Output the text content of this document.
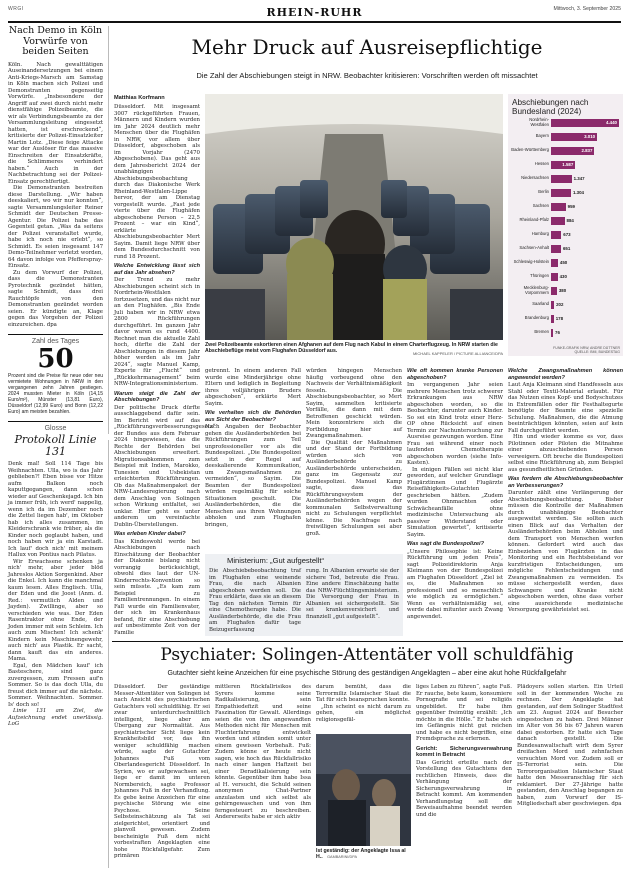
WRGI	RHEIN-RUHR	Mittwoch, 3. September 2025
Nach Demo in Köln Vorwürfe von beiden Seiten

Köln. Nach gewalttätigen Auseinandersetzungen bei einem Anti-Kriegs-Marsch am Samstag in Köln machen sich Polizei und Demonstranten gegenseitig Vorwürfe. „Insbesondere der Angriff auf zwei durch nicht mehr dienstfähige Polizeibeamte, die wir als Verbindungsbeamte zu der Versammlungsleitung eingesetzt hatten, ist erschreckend“, kritisierte der Polizei-Einsatzleiter Martin Lotz. „Diese feige Attacke war der Auslöser für das massive Einschreiten der Einsatzkräfte, die Schlimmeres verhindert haben.“ Auch in der Nachbetrachtung sei der Polizei-Einsatz gerechtfertigt.

Die Demonstranten bestreiten diese Darstellung. „Wir haben deeskaliert, wo wir nur konnten“, sagte Versammlungsleiter Reiner Schmidt der Deutschen Presse-Agentur. Die Polizei habe das Gegenteil getan. „Was da seitens der Polizei veranstaltet wurde, habe ich noch nie erlebt“, so Schmidt. Es seien insgesamt 147 Demo-Teilnehmer verletzt worden, 64 davon infolge von Pfefferspray-Einsatz.

Zu dem Vorwurf der Polizei, dass die Demonstranten Pyrotechnik gezündet hätten, sagte Schmidt, dass drei Rauchtöpfe von den Demonstranten gezündet worden seien. Er kündigte an, Klage gegen das Vorgehen der Polizei einzureichen. dpa

Zahl des Tages
50
Prozent sind die Preise für neue oder neu vermietete Wohnungen in NRW in den vergangenen zehn Jahren gestiegen. 2024 mussten Mieter in Köln (14,15 Euro/m²), Münster (13,81 Euro), Düsseldorf (12,99 Euro) und Bonn (12,22 Euro) am meisten bezahlen.
Glosse
Protokoll Linie 131

Denk mal! Soll 114 Tage bis Weihnachten. Ulla, wo is das Jahr geblieben?! Eben bisse vor Hitze aufm Balkon noch kaputtgegangen, dann schon wieder auf Geschenkejagd. Ich bin ja immer früh, ich werd' nappelig, wenn ich da im Dezember noch die Zettel liegen hab', im Oktober hab ich alles zusammen, im Kleiderschrank wie früher, als die Kinder noch geglaubt haben, und noch haben wir ja ein Karstadt. Ich lauf' doch nich' mit meinem Hallux von Pontius nach Pilatus.

Wir Erwachsene schenken ja nich' mehr, aber jeder blöd Jahreslos Aktion Sorgenkind. Aber die Enkel. Ich kann die manchmal kaum lesen. Alles Englisch. Ulla, der Eden und die Joost (Anm. d. Red.: vermutlich Alden und Jayden). Zwillinge, aber so verschieden wie was. Der Eden Rasentraktor ohne Ende, der Joden immer mit sein Schleim. Ich auch zum Mischen! Ich schenk' Kindern kein Maschinengewehr, auch nich' aus Plastik. Er sacht, dann kauft das ein anderes. Mama.

Egal, den Mädchen kauf' ich Basteschere, sind ganz zuvergessen, zum Fressen auf'n Sommer. So is das doch Ulla, du freust dich immer auf die nächste. Sommer. Weihnachten. Sommer. Is' doch so!

Linie 131 am Ziel, die Aufzeichnung endet unerlässig. LoG

Mehr Druck auf Ausreisepflichtige
Die Zahl der Abschiebungen steigt in NRW. Beobachter kritisieren: Vorschriften werden oft missachtet
Matthias Korfmann

Düsseldorf. Mit insgesamt 3007 rückgeführten Frauen, Männern und Kindern wurden im Jahr 2024 deutlich mehr Menschen über die Flughäfen in NRW, vor allem über Düsseldorf, abgeschoben als im Vorjahr (2470 Abgeschobene). Das geht aus dem Jahresbericht 2024 der unabhängigen Abschiebungsbeobachtung durch das Diakonische Werk Rheinland-Westfalen-Lippe hervor, der am Dienstag vorgestellt wurde. „Fast jede vierte über die Flughäfen abgeschobene Person – 22,5 Prozent – war ein Kind“, erklärte Abschiebungsbeobachter Mert Sayim. Damit liege NRW über dem Bundesdurchschnitt von rund 18 Prozent.

Welche Entwicklung lässt sich auf das Jahr absehen?

Der Trend zu mehr Abschiebungen scheint sich in Nordrhein-Westfalen fortzusetzen, und das nicht nur an den Flughäfen. „Bis Ende Juli haben wir in NRW etwa 2800 Rückführungen durchgeführt. Im ganzen Jahr davor waren es rund 4400. Rechnet man die aktuelle Zahl hoch, dürfte die Zahl der Abschiebungen in diesem Jahr höher werden als im Jahr 2024“, sagte Manuel Kamp, Experte für „Flucht“ und „Rückkehrmanagement“ beim NRW-Integrationsministerium.

Warum steigt die Zahl der Abschiebungen?

Der politische Druck dürfte ausschlaggebend dafür sein. Im Bericht wird auf das „Rückführungsverbesserungsgesetz“ der Bundes aus dem Februar 2024 hingewiesen, das die Rechte der Behörden bei Abschiebungen erweitert. Migrationsabkommen zum Beispiel mit Indien, Marokko, Tunesien und Usbekistan erleichterten Rückführungen. Ob das Maßnahmenpaket der NRW-Landesregierung nach dem Anschlag von Solingen schon Wirkung entfaltet, sei unklar. Hier geht es unter anderem um vereinfachte Dublin-Überstellungen.

Was erleben Kinder dabei?

Das Kindeswohl werde bei Abschiebungen nach Einschätzung der Beobachter der Diakonie bislang nicht vorrangig berücksichtigt, obwohl dies laut der UN-Kinderrechts-Konvention so sein müsste. „Es kam zum Beispiel zu Familientrennungen. In einem Fall wurde ein Familienvater, der sich im Krankenhaus befand, für eine Abschiebung auf unbestimmte Zeit von der Familie

Zwei Polizeibeamte eskortieren einen Afghanen auf dem Flug nach Kabul in einem Charterflugzeug. In NRW starten die Abschiebeflüge meist vom Flughafen Düsseldorf aus.	MICHAEL KAPPELER / PICTURE ALLIANCE/DPA
Abschiebungen nach Bundesland (2024)
Nordrhein-Westfalen	4.440
Bayern	3.010
Baden-Württemberg	2.837
Hessen	1.587
Niedersachsen	1.347
Berlin	1.304
Sachsen	959
Rheinland-Pfalz	884
Hamburg	673
Sachsen-Anhalt	651
Schleswig-Holstein	450
Thüringen	430
Mecklenburg-Vorpommern	380
Saarland	202
Brandenburg	178
Bremen	76
FUNKE-GRAFIK NRW, ANDRE DÜTTNER QUELLE: BMI, BUNDESTAG

getrennt. In einem anderen Fall wurde eine Minderjährige ohne Eltern und lediglich in Begleitung ihres volljährigen Bruders abgeschoben“, erklärte Mert Sayim.

Wie verhalten sich die Behörden aus Sicht der Beobachter?

Nach Angaben der Beobachter gehen die Ausländerbehörden bei Rückführungen zum Teil unprofessioneller vor als die Bundespolizei. „Die Bundespolizei setzt in der Regel auf deeskalierende Kommunikation, um Zwangsmaßnahmen zu vermeiden“, so Sayim. Die Beamten der Bundespolizei würden regelmäßig für solche Situationen geschult. Die Ausländerbehörden, die die Menschen aus ihren Wohnungen abholen und zum Flughafen bringen,

würden hingegen Menschen häufig vorbeugend ohne den Nachweis der Verhältnismäßigkeit fesseln. Die Abschiebungsbeobachter, so Mert Sayim, sammelten kritisierte Vorfälle, die dann mit dem Betroffenen geschickt würden. Mein konzentriere sich die Fortbildung hier auf Zwangsmaßnahmen.

Die Qualität der Maßnahmen und der Stand der Fortbildung würden sich von Ausländerbehörde zu Ausländerbehörde unterscheiden, ganz im Gegensatz zur Bundespolizei. Manuel Kamp sagte, dass das Rückführungssystem der Ausländerbehörden wegen der kommunalen Selbstverwaltung nicht zu Schulungen verpflichtet könne. Die Nachfrage nach freiwilligen Schulungen sei aber groß.

Wie oft kommen kranke Personen abgeschoben?

Im vergangenen Jahr seien mehrere Menschen trotz schwerer Erkrankungen aus NRW abgeschoben worden, so die Beobachter, darunter auch Kinder. So sei ein Kind trotz einer Herz-OP ohne Rücksicht auf einen Termin zur Nachuntersuchung zur Ausreise gezwungen worden. Eine Frau sei während einer noch laufenden Chemotherapie abgeschoben worden (siehe Info-Kasten).

In einigen Fällen sei nicht klar geworden, auf welcher Grundlage Flugärztinnen und Flugärzte Reisefähigkeits-Gutachten geschrieben hätten. „Zudem wurden Ohnmachten oder Schwächeanfälle ohne medizinische Untersuchung als passiver Widerstand oder Simulation gewertet“, kritisierte Sayim.

Was sagt die Bundespolizei?

„Unsere Philosophie ist: Keine Rückführung um jeden Preis“, sagt Polizeidirektorin Anja Kleimann von der Bundespolizei am Flughafen Düsseldorf. „Ziel ist es, die Maßnahmen so professionell und so menschlich wie möglich zu ermöglichen.“ Wenn es verhältnismäßig sei, werde dabei mitunter auch Zwang angewendet.

Welche Zwangsmaßnahmen können angewendet werden?

Laut Anja Kleimann sind Handfesseln aus Stahl oder Textil-Material erlaubt. Für das Nutzen eines Kopf- und Bodyschutzes in Extremfällen oder für Festhaltegurte benötigte der Beamte eine spezielle Schulung. Maßnahmen, die die Atmung beeinträchtigen könnten, seien auf kein Fall durchgeführt werden.

Hin und wieder komme es vor, dass Pilotinnen oder Piloten die Mitnahme einer abzuschiebenden Person verweigern. Oft breche die Bundespolizei selbst eine Rückführung ab, zum Beispiel aus gesundheitlichen Gründen.

Was fordern die Abschiebungsbeobachter an Verbesserungen?

Darunter zählt eine Verlängerung der Abschiebungsbeobachtung. Bisher müssen die Kontrolle der Maßnahmen durch unabhängige Beobachter ausgeweitet werden. Sie sollten auch einen Blick auf das Verhalten der Ausländerbehörden beim Abholen und dem Transport von Menschen werfen können. Gefordert wird auch das Einbeziehen von Flugärzten in das Monitoring und ein Rechtsbeistand vor kurzfristigen Entscheidungen, um mögliche Fehlentscheidungen und Zwangsmaßnahmen zu vermeiden. Es müsse sichergestellt werden, dass Schwangere und Kranke nicht abgeschoben werden, ohne dass vorher eine ausreichende medizinische Versorgung gewährleistet sei.

Ministerium: „Gut aufgestellt“
Die Abschiebebeobachtung traf im Flughafen eine weinende Frau, die nach Albanien abgeschoben werden soll. Die Frau erklärte, dass sie an diesem Tag den nächsten Termin für eine Chemotherapie habe. Die Ausländerbehörde, die die Frau am Flughafen dafür tage Beizugerfassung
rung. In Albanien erwarte sie der sichere Tod, betreute die Frau. Eine andere Einschätzung hatte das NRW-Flüchtlingsministerium. Die Versorgung der Frau in Albanien sei sichergestellt. Sie sei krankenversichert und finanziell „gut aufgestellt“.
Psychiater: Solingen-Attentäter voll schuldfähig
Gutachter sieht keine Anzeichen für eine psychische Störung des geständigen Angeklagten – aber eine akut hohe Rückfallgefahr
Düsseldorf. Der geständige Messer-Attentäter von Solingen ist nach Ansicht des psychiatrischen Gutachters voll schuldfähig. Er sei zwar unterdurchschnittlich intelligent, liege aber am Übergang zur Normalität. Aus psychiatrischer Sicht liege kein Krankheitsbild vor, das ihn weniger schuldfähig machen würde, sagte der Gutachter Johannes Fuß vom Oberlandesgericht Düsseldorf. In Syrien, wo er aufgewachsen sei, liege er damit im unteren Normbereich, sagte Professor Johannes Fuß in der Verhandlung. Es gebe keine Anzeichen für eine psychische Störung wie eine Psychose. Seine Selbsteinschätzung als Tat sei zielgerichtet, orientiert und planvoll gewesen. Zudem bescheinigte Fuß dem nicht vorbestraften Angeklagten eine hohe Rückfallgefahr. Zum primären
mittleren Rückfallrisikos des Syrers komme seine Radikalisierung, sein Empathiedefizit und seine Faszination für Gewalt. Allerdings seien die von ihm angewandten Methoden nicht für Menschen mit Fluchterfahrung entwickelt worden und stünden somit unter einem gewissen Vorbehalt. Fuß: Zudem könne er heute nicht sagen, wie hoch das Rückfallrisiko nach einer langen Haftzeit bei einer Deradikalisierung sein könnte. Gegenüber ihm habe Issa al H. versucht, die Schuld seinen anonymen Chat-Partner anzulasten und sich selbst als gehirngewaschen und von ihm ferngesteuert zu beschreiben. Andererseits habe er sich aktiv

darum bemüht, dass die Terrormiliz Islamischer Staat die Tat für sich beanspruchen konnte.

„Ihn scheint es nicht darum zu gehen, ein möglichst religionsgefäl-

Ist geständig: der Angeklagte Issa al H.. GAMBARINI/DPA

liges Leben zu führen“, sagte Fuß. Er rauche, bete kaum, konsumiere Pornografie und sei religiös ungebildet. Er habe ihm gegenüber freimütig erzählt: „Ich möchte in die Hölle.“ Er habe sich im Gefängnis nicht gut reichen und habe es nicht begriffen, eine Fremdsprache zu erlernen.

Gericht: Sicherungsverwahrung kommt in Betracht

Das Gericht erteilte nach der Vorstellung des Gutachtens den rechtlichen Hinweis, dass die Verhängung der Sicherungsverwahrung in Betracht kommt. Am kommenden Verhandlungstag soll die Beweisaufnahme beendet werden und die

Plädoyers sollen starten. Ein Urteil soll in der kommenden Woche zu rechnen. Der Angeklagte hat gestanden, auf dem Solinger Stadtfest am 23. August 2024 auf Besucher eingestochen zu haben. Drei Männer im Alter von 56 bis 67 Jahren waren dabei gestorben. Er hatte sich Tage danach gestellt. Die Bundesanwaltschaft wirft dem Syrer dreifachen Mord und zehnfachen versuchten Mord vor. Zudem soll er IS-Terrorist sein. Die Terrororganisation Islamischer Staat hatte den Messeranschlag für sich reklamiert. Der 27-Jährige hatte gestanden, den Anschlag begangen zu haben, zum Vorwurf der IS-Mitgliedschaft aber geschwiegen. dpa
